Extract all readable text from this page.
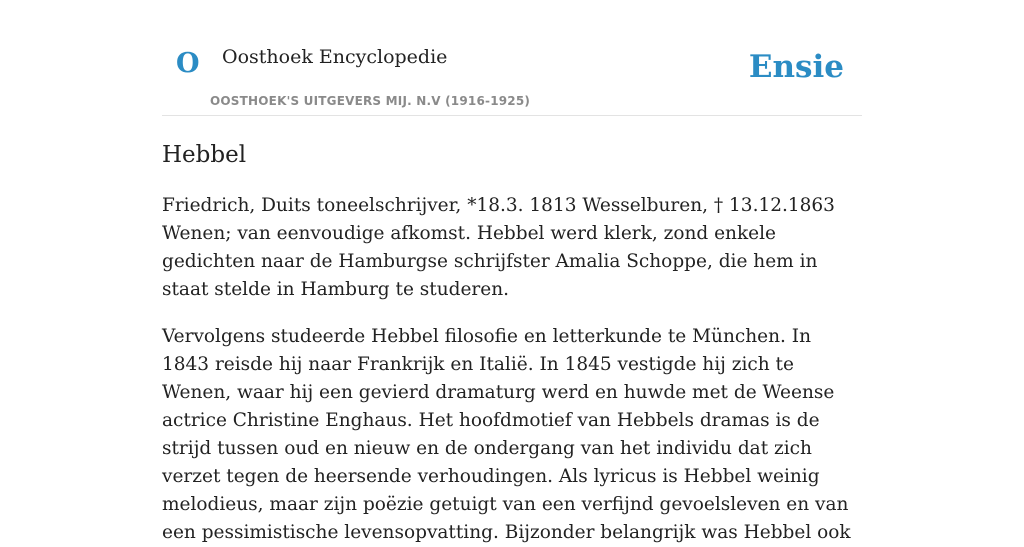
O Oosthoek Encyclopedie
OOSTHOEK'S UITGEVERS MIJ. N.V (1916-1925)
Ensie
Hebbel

Friedrich, Duits toneelschrijver, *18.3. 1813 Wesselburen, † 13.12.1863 Wenen; van eenvoudige afkomst. Hebbel werd klerk, zond enkele gedichten naar de Hamburgse schrijfster Amalia Schoppe, die hem in staat stelde in Hamburg te studeren.

Vervolgens studeerde Hebbel filosofie en letterkunde te München. In 1843 reisde hij naar Frankrijk en Italië. In 1845 vestigde hij zich te Wenen, waar hij een gevierd dramaturg werd en huwde met de Weense actrice Christine Enghaus. Het hoofdmotief van Hebbels dramas is de strijd tussen oud en nieuw en de ondergang van het individu dat zich verzet tegen de heersende verhoudingen. Als lyricus is Hebbel weinig melodieus, maar zijn poëzie getuigt van een verfijnd gevoelsleven en van een pessimistische levensopvatting. Bijzonder belangrijk was Hebbel ook
